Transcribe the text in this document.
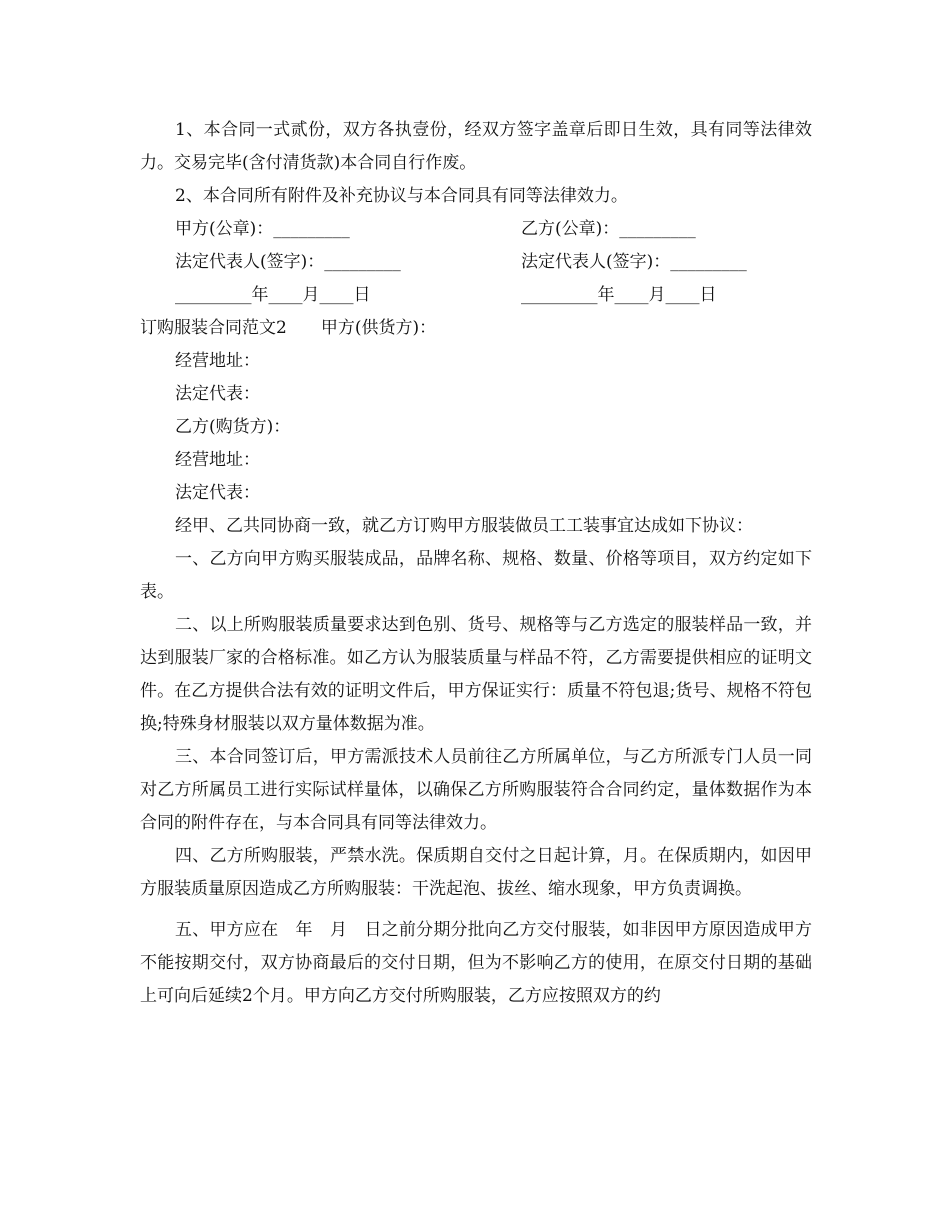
1、本合同一式贰份，双方各执壹份，经双方签字盖章后即日生效，具有同等法律效力。交易完毕(含付清货款)本合同自行作废。

2、本合同所有附件及补充协议与本合同具有同等法律效力。

甲方(公章)：_________	乙方(公章)：_________
法定代表人(签字)：_________	法定代表人(签字)：_________
_________年____月____日	_________年____月____日

订购服装合同范文2　　甲方(供货方)：

经营地址：

法定代表：

乙方(购货方)：

经营地址：

法定代表：

经甲、乙共同协商一致，就乙方订购甲方服装做员工工装事宜达成如下协议：

一、乙方向甲方购买服装成品，品牌名称、规格、数量、价格等项目，双方约定如下表。

二、以上所购服装质量要求达到色别、货号、规格等与乙方选定的服装样品一致，并达到服装厂家的合格标准。如乙方认为服装质量与样品不符，乙方需要提供相应的证明文件。在乙方提供合法有效的证明文件后，甲方保证实行：质量不符包退;货号、规格不符包换;特殊身材服装以双方量体数据为准。

三、本合同签订后，甲方需派技术人员前往乙方所属单位，与乙方所派专门人员一同对乙方所属员工进行实际试样量体，以确保乙方所购服装符合合同约定，量体数据作为本合同的附件存在，与本合同具有同等法律效力。

四、乙方所购服装，严禁水洗。保质期自交付之日起计算，月。在保质期内，如因甲方服装质量原因造成乙方所购服装：干洗起泡、拔丝、缩水现象，甲方负责调换。

五、甲方应在　年　月　日之前分期分批向乙方交付服装，如非因甲方原因造成甲方不能按期交付，双方协商最后的交付日期，但为不影响乙方的使用，在原交付日期的基础上可向后延续2个月。甲方向乙方交付所购服装，乙方应按照双方的约
